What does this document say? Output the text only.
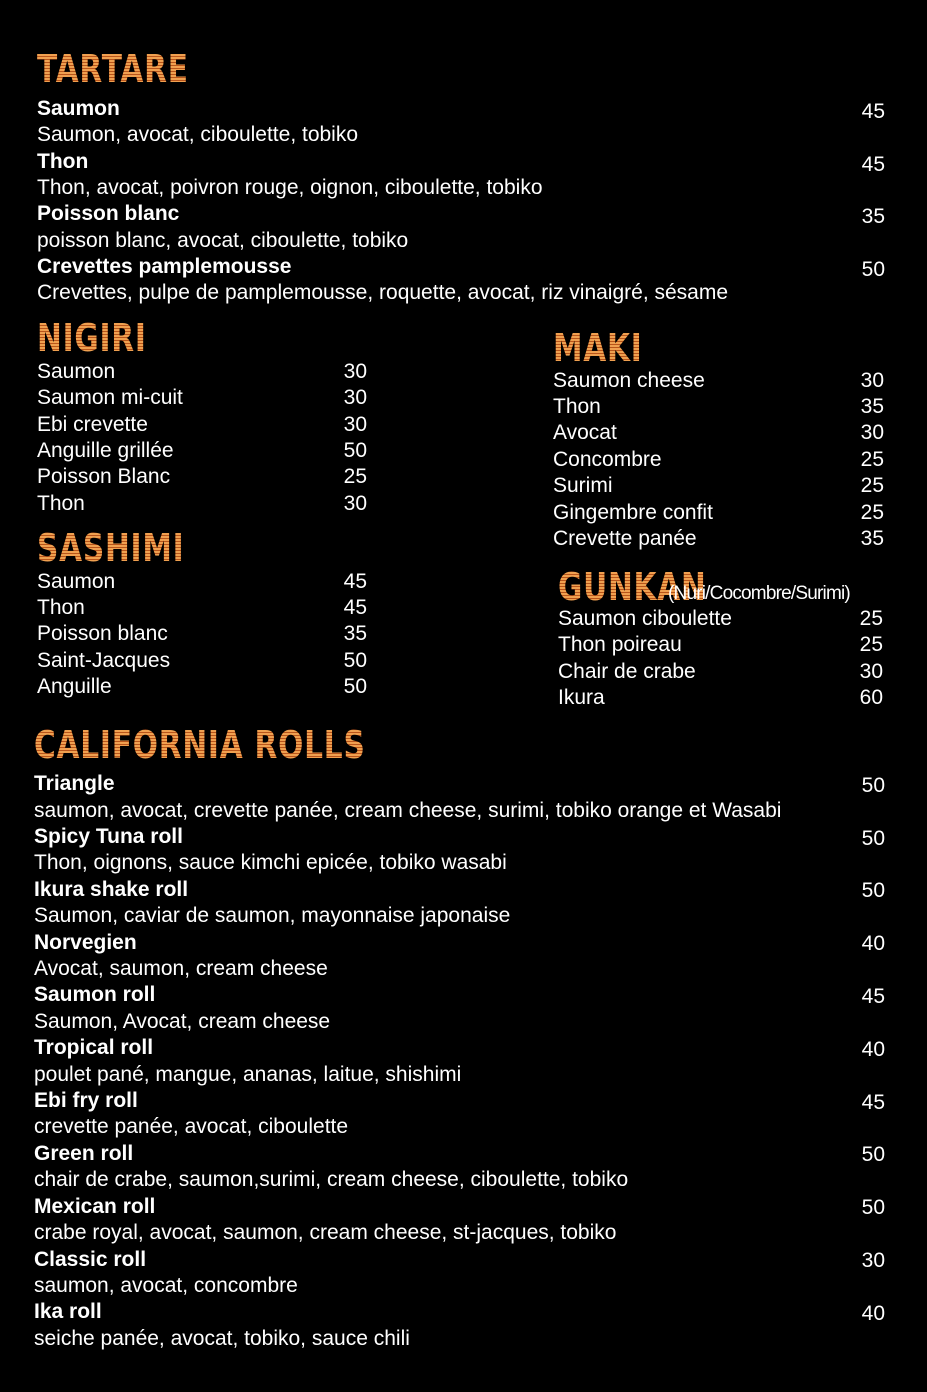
TARTARE
Saumon	45
Saumon, avocat, ciboulette, tobiko
Thon	45
Thon, avocat, poivron rouge, oignon, ciboulette, tobiko
Poisson blanc	35
poisson blanc, avocat, ciboulette, tobiko
Crevettes pamplemousse	50
Crevettes, pulpe de pamplemousse, roquette, avocat, riz vinaigré, sésame
NIGIRI
Saumon	30
Saumon mi-cuit	30
Ebi crevette	30
Anguille grillée	50
Poisson Blanc	25
Thon	30
SASHIMI
Saumon	45
Thon	45
Poisson blanc	35
Saint-Jacques	50
Anguille	50
MAKI
Saumon cheese	30
Thon	35
Avocat	30
Concombre	25
Surimi	25
Gingembre confit	25
Crevette panée	35
GUNKAN
(Nuri/Cocombre/Surimi)
Saumon ciboulette	25
Thon poireau	25
Chair de crabe	30
Ikura	60
CALIFORNIA ROLLS
Triangle	50
saumon, avocat, crevette panée, cream cheese, surimi, tobiko orange et Wasabi
Spicy Tuna roll	50
Thon, oignons, sauce kimchi epicée, tobiko wasabi
Ikura shake roll	50
Saumon, caviar de saumon, mayonnaise japonaise
Norvegien	40
Avocat, saumon, cream cheese
Saumon roll	45
Saumon, Avocat, cream cheese
Tropical roll	40
poulet pané, mangue, ananas, laitue, shishimi
Ebi fry roll	45
crevette panée, avocat, ciboulette
Green roll	50
chair de crabe, saumon,surimi, cream cheese, ciboulette, tobiko
Mexican roll	50
crabe royal, avocat, saumon, cream cheese, st-jacques, tobiko
Classic roll	30
saumon, avocat, concombre
Ika roll	40
seiche panée, avocat, tobiko, sauce chili
